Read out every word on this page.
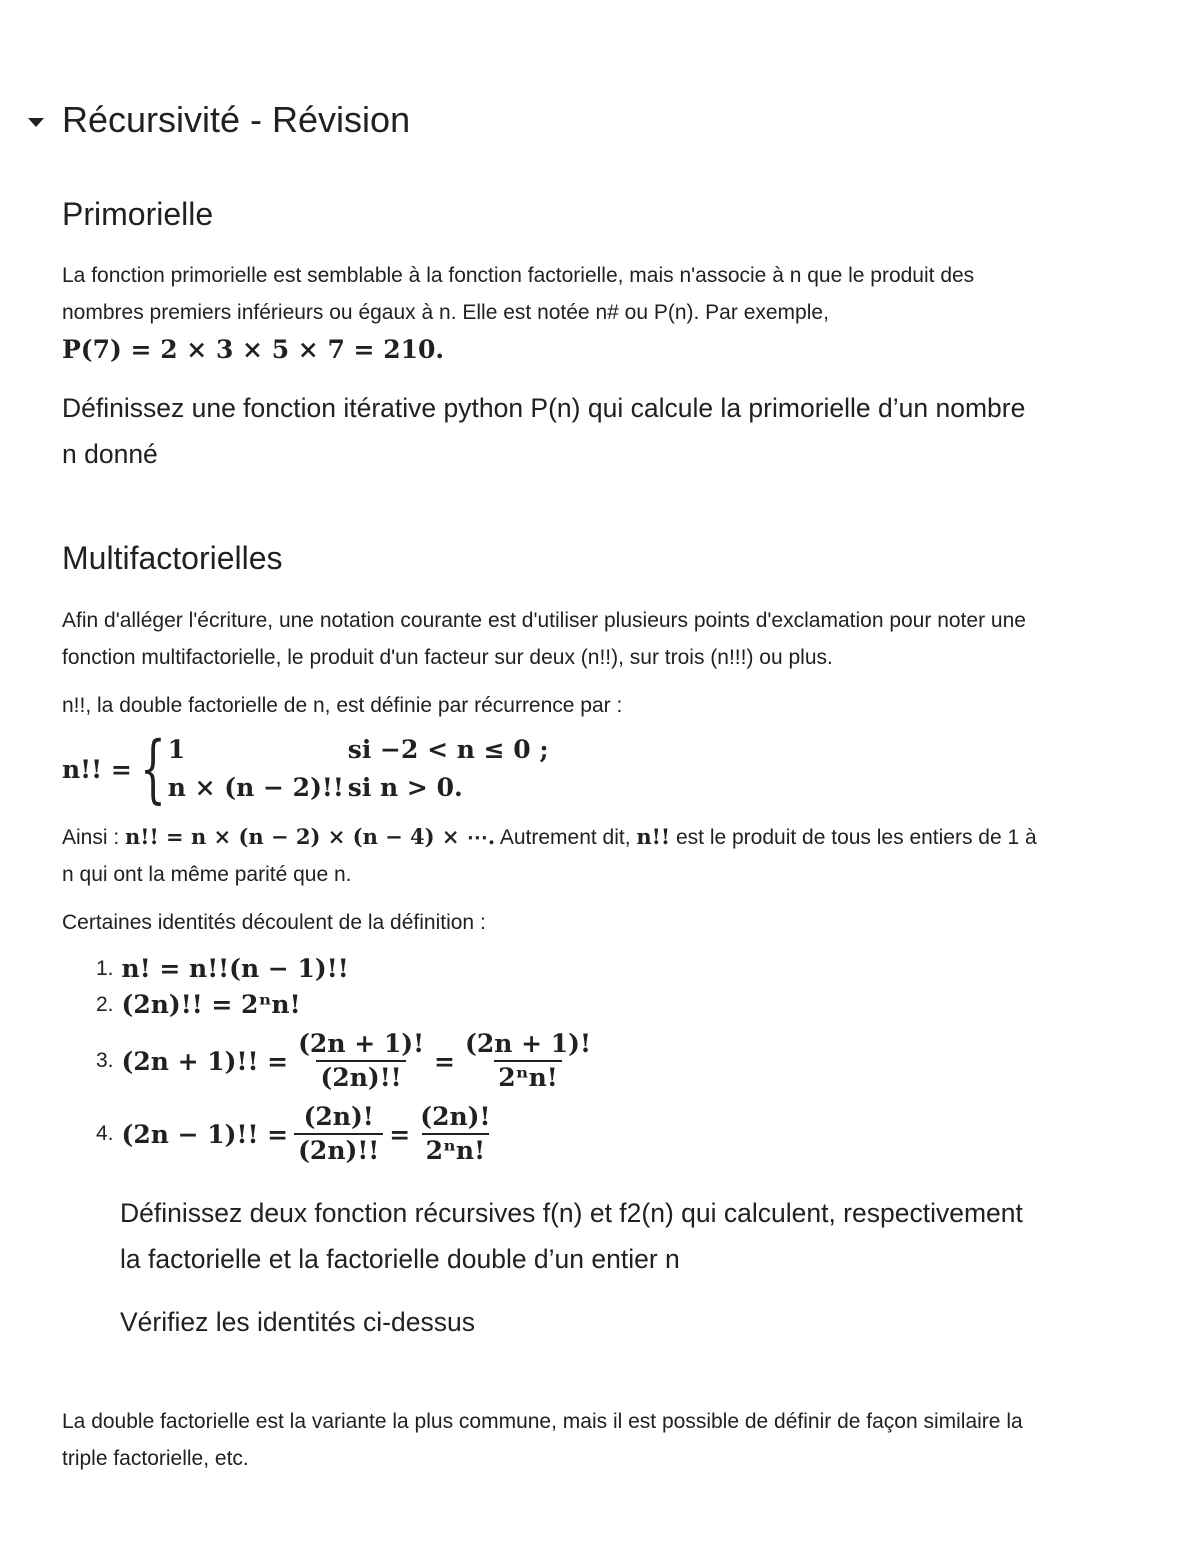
Récursivité - Révision
Primorielle

La fonction primorielle est semblable à la fonction factorielle, mais n'associe à n que le produit des

nombres premiers inférieurs ou égaux à n. Elle est notée n# ou P(n). Par exemple,

P(7) = 2 × 3 × 5 × 7 = 210.

Définissez une fonction itérative python P(n) qui calcule la primorielle d’un nombre

n donné

Multifactorielles

Afin d'alléger l'écriture, une notation courante est d'utiliser plusieurs points d'exclamation pour noter une

fonction multifactorielle, le produit d'un facteur sur deux (n!!), sur trois (n!!!) ou plus.

n!!, la double factorielle de n, est définie par récurrence par :

n!! = { 1	si −2 < n ≤ 0 ;
n × (n − 2)!! si n > 0.

Ainsi : n!! = n × (n − 2) × (n − 4) × ⋯. Autrement dit, n!! est le produit de tous les entiers de 1 à

n qui ont la même parité que n.

Certaines identités découlent de la définition :

1. n! = n!!(n − 1)!!
2. (2n)!! = 2ⁿn!
3. (2n + 1)!! = $\frac{(2n + 1)!}{(2n)!!} = \frac{(2n + 1)!}{\text{2ⁿn!}}$
4. (2n − 1)!! = $\frac{(2n)!}{(2n)!!} = \frac{(2n)!}{\text{2ⁿn!}}$

Définissez deux fonction récursives f(n) et f2(n) qui calculent, respectivement

la factorielle et la factorielle double d’un entier n

Vérifiez les identités ci-dessus

La double factorielle est la variante la plus commune, mais il est possible de définir de façon similaire la

triple factorielle, etc.
